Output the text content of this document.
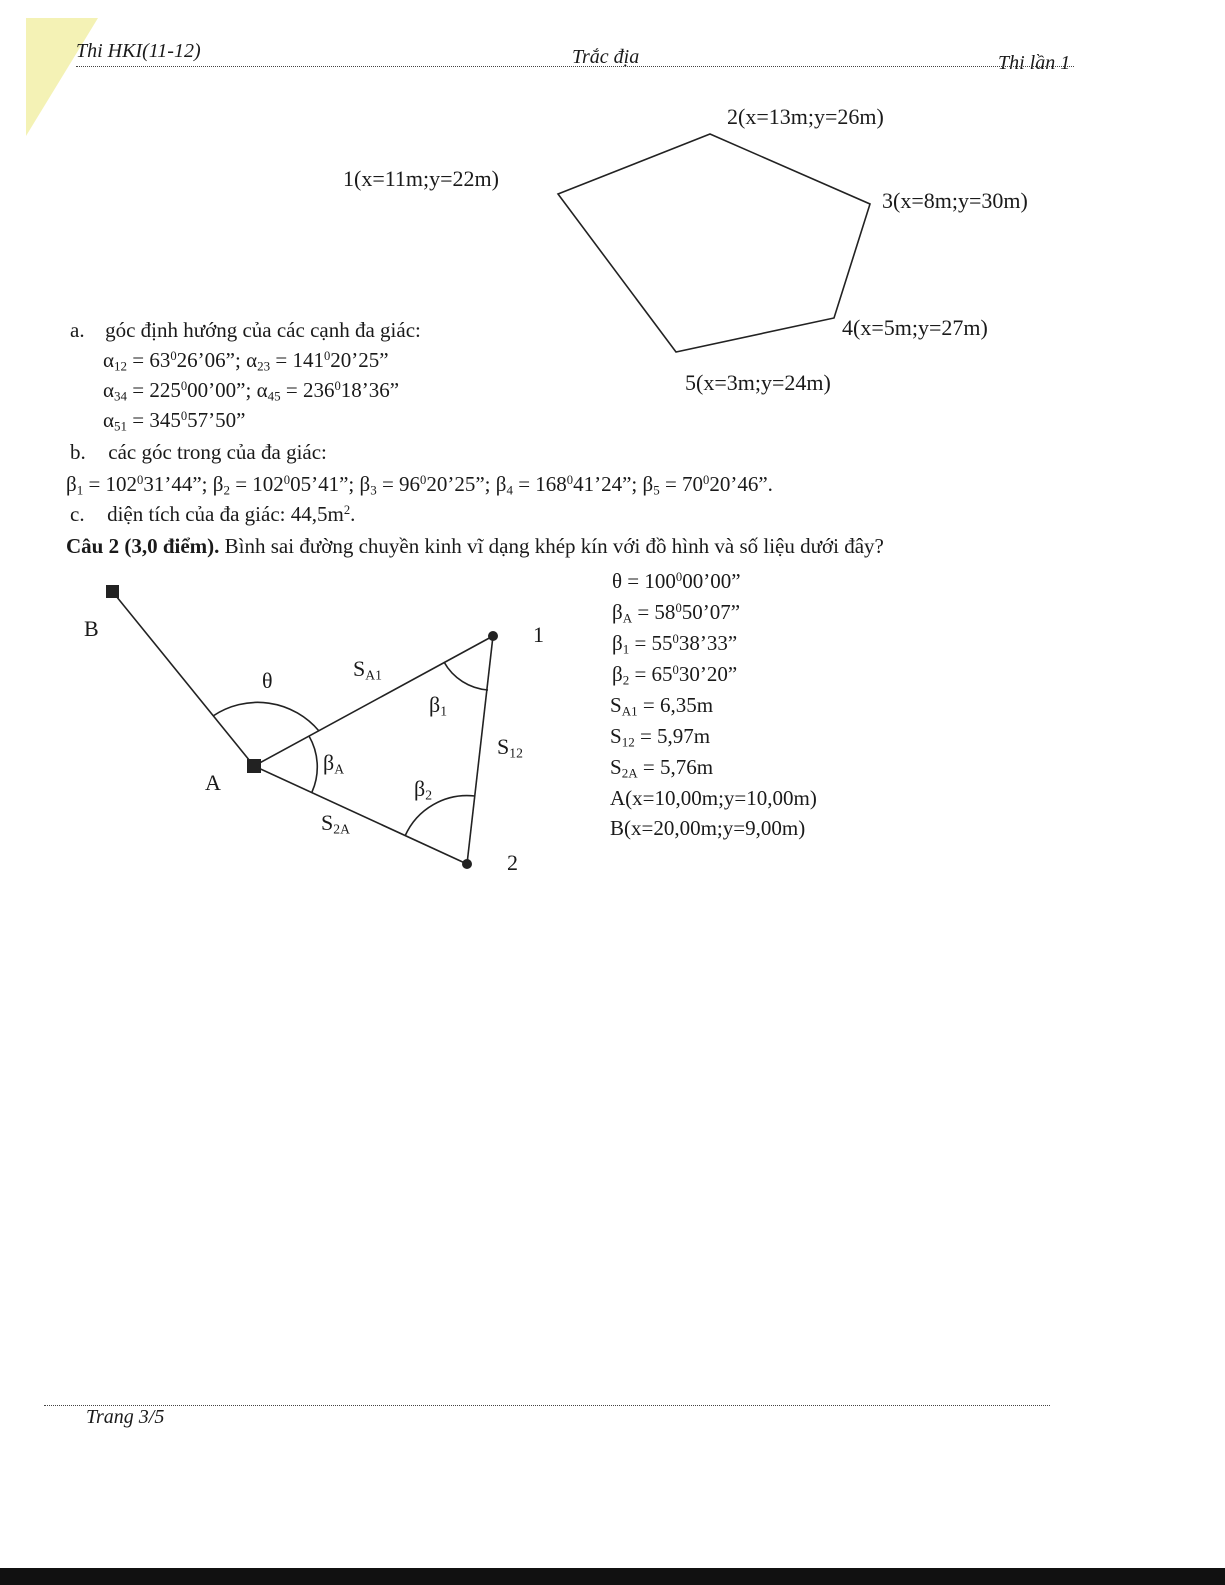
Thi HKI(11-12)	Trắc địa	Thi lần 1
1(x=11m;y=22m)
2(x=13m;y=26m)
3(x=8m;y=30m)
4(x=5m;y=27m)
5(x=3m;y=24m)
a. góc định hướng của các cạnh đa giác:
$\alpha_{12}$ = $63^026’06$”; $\alpha_{23}$ = $141^020’25$”
$\alpha_{34}$ = $225^000’00$”; $\alpha_{45}$ = $236^018’36$”
$\alpha_{51}$ = $345^057’50$”
b. các góc trong của đa giác:
$\beta_1$ = $102^031’44$”; $\beta_2$ = $102^005’41$”; $\beta_3$ = $96^020’25$”; $\beta_4$ = $168^041’24$”; $\beta_5$ = $70^020’46$”.
c. diện tích của đa giác: $44,5m^2$.
Câu 2 (3,0 điểm). Bình sai đường chuyền kinh vĩ dạng khép kín với đồ hình và số liệu dưới đây?
B
A
1
2
θ	$S_{A1}$
$S_{12}$
$S_{2A}$
$\beta_A$
$\beta_1$
$\beta_2$
$\theta = 100^000’00$”
$\beta_A$ = $58^050’07$”
$\beta_1$ = $55^038’33$”
$\beta_2$ = $65^030’20$”
$S_{A1} = 6,35m$
$S_{12} = 5,97m$
$S_{2A} = 5,76m$
A(x=10,00m;y=10,00m)
B(x=20,00m;y=9,00m)
Trang 3/5
